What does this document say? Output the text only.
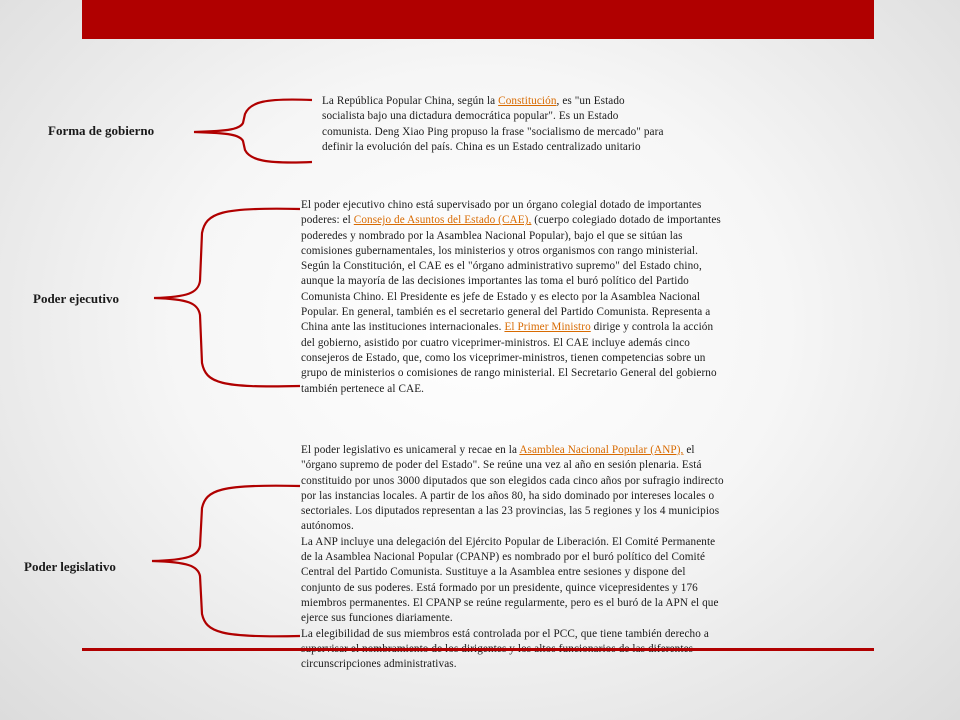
Forma de gobierno
La República Popular China, según la Constitución, es "un Estado
socialista bajo una dictadura democrática popular". Es un Estado
comunista. Deng Xiao Ping propuso la frase "socialismo de mercado" para
definir la evolución del país. China es un Estado centralizado unitario
Poder ejecutivo
El poder ejecutivo chino está supervisado por un órgano colegial dotado de importantes
poderes: el Consejo de Asuntos del Estado (CAE), (cuerpo colegiado dotado de importantes
poderedes y nombrado por la Asamblea Nacional Popular), bajo el que se sitúan las
comisiones gubernamentales, los ministerios y otros organismos con rango ministerial.
Según la Constitución, el CAE es el "órgano administrativo supremo" del Estado chino,
aunque la mayoría de las decisiones importantes las toma el buró político del Partido
Comunista Chino. El Presidente es jefe de Estado y es electo por la Asamblea Nacional
Popular. En general, también es el secretario general del Partido Comunista. Representa a
China ante las instituciones internacionales. El Primer Ministro dirige y controla la acción
del gobierno, asistido por cuatro viceprimer-ministros. El CAE incluye además cinco
consejeros de Estado, que, como los viceprimer-ministros, tienen competencias sobre un
grupo de ministerios o comisiones de rango ministerial. El Secretario General del gobierno
también pertenece al CAE.
Poder legislativo
El poder legislativo es unicameral y recae en la Asamblea Nacional Popular (ANP), el
"órgano supremo de poder del Estado". Se reúne una vez al año en sesión plenaria. Está
constituido por unos 3000 diputados que son elegidos cada cinco años por sufragio indirecto
por las instancias locales. A partir de los años 80, ha sido dominado por intereses locales o
sectoriales. Los diputados representan a las 23 provincias, las 5 regiones y los 4 municipios
autónomos.
La ANP incluye una delegación del Ejército Popular de Liberación. El Comité Permanente
de la Asamblea Nacional Popular (CPANP) es nombrado por el buró político del Comité
Central del Partido Comunista. Sustituye a la Asamblea entre sesiones y dispone del
conjunto de sus poderes. Está formado por un presidente, quince vicepresidentes y 176
miembros permanentes. El CPANP se reúne regularmente, pero es el buró de la APN el que
ejerce sus funciones diariamente.
La elegibilidad de sus miembros está controlada por el PCC, que tiene también derecho a
circunscripciones administrativas.
